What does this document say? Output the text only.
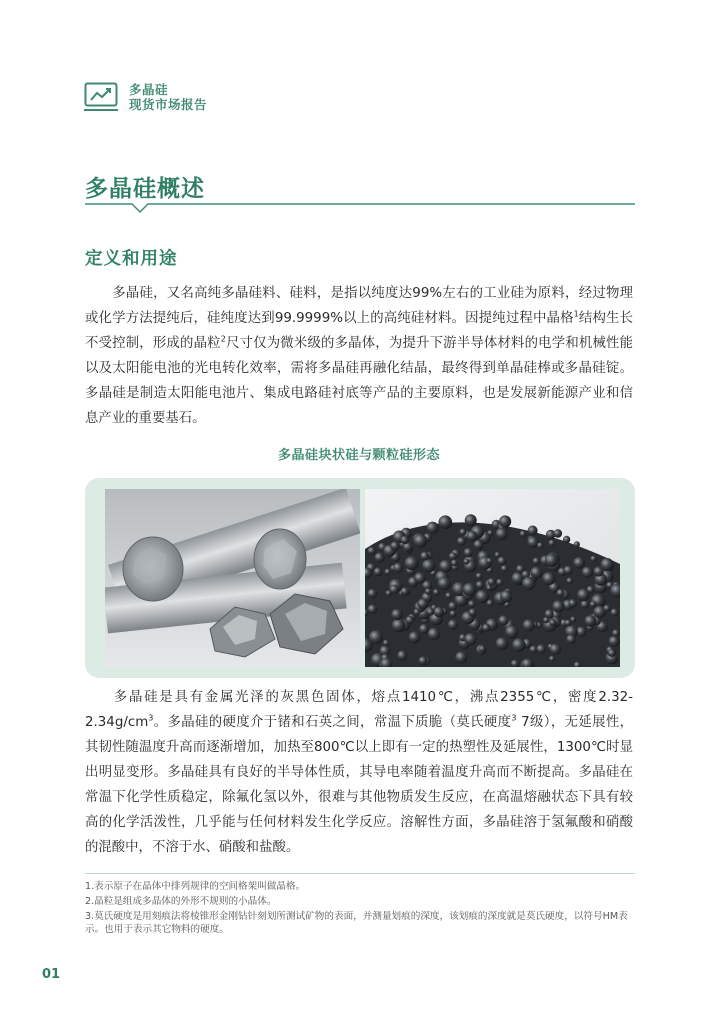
多晶硅
现货市场报告
多晶硅概述
定义和用途

多晶硅，又名高纯多晶硅料、硅料，是指以纯度达99%左右的工业硅为原料，经过物理或化学方法提纯后，硅纯度达到99.9999%以上的高纯硅材料。因提纯过程中晶格$^1$结构生长不受控制，形成的晶粒$^2$尺寸仅为微米级的多晶体，为提升下游半导体材料的电学和机械性能以及太阳能电池的光电转化效率，需将多晶硅再融化结晶，最终得到单晶硅棒或多晶硅锭。多晶硅是制造太阳能电池片、集成电路硅衬底等产品的主要原料，也是发展新能源产业和信息产业的重要基石。

多晶硅块状硅与颗粒硅形态

多晶硅是具有金属光泽的灰黑色固体，熔点1410℃，沸点2355℃，密度$2.32-2.34g/cm^3$。多晶硅的硬度介于锗和石英之间，常温下质脆（莫氏硬度$^3$ 7级），无延展性，其韧性随温度升高而逐渐增加，加热至800℃以上即有一定的热塑性及延展性，1300℃时显出明显变形。多晶硅具有良好的半导体性质，其导电率随着温度升高而不断提高。多晶硅在常温下化学性质稳定，除氟化氢以外，很难与其他物质发生反应，在高温熔融状态下具有较高的化学活泼性，几乎能与任何材料发生化学反应。溶解性方面，多晶硅溶于氢氟酸和硝酸的混酸中，不溶于水、硝酸和盐酸。

1.表示原子在晶体中排列规律的空间格架叫做晶格。

2.晶粒是组成多晶体的外形不规则的小晶体。

3.莫氏硬度是用刻痕法将棱锥形金刚钻针刻划所测试矿物的表面，并测量划痕的深度，该划痕的深度就是莫氏硬度，以符号HM表示。也用于表示其它物料的硬度。

01
